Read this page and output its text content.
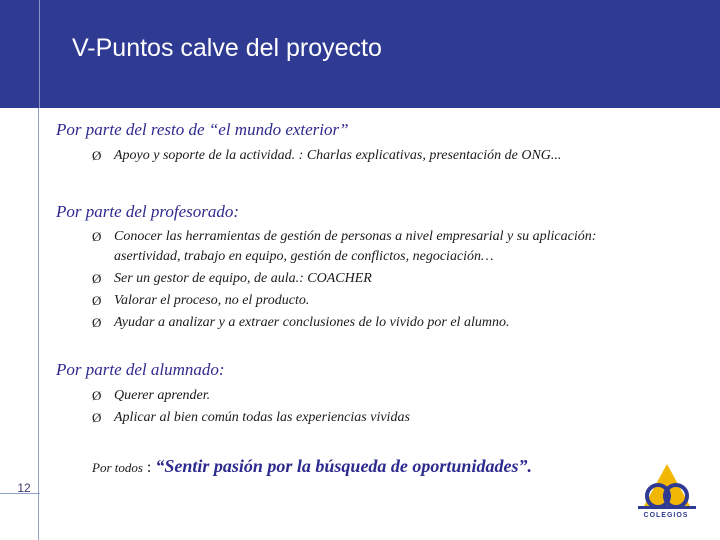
V-Puntos calve del proyecto
12
Por parte del resto de “el mundo exterior”
Ø Apoyo y soporte de la actividad. : Charlas explicativas, presentación de ONG...
Por parte del profesorado:
Ø Conocer las herramientas de gestión de personas a nivel empresarial y su aplicación: asertividad, trabajo en equipo, gestión de conflictos, negociación…
Ø Ser un gestor de equipo, de aula.: COACHER
Ø Valorar el proceso, no el producto.
Ø Ayudar a analizar y a extraer conclusiones de lo vivido por el alumno.
Por parte del alumnado:
Ø Querer aprender.
Ø Aplicar al bien común todas las experiencias vividas
Por todos : “Sentir pasión por la búsqueda de oportunidades”.
COLEGIOS
